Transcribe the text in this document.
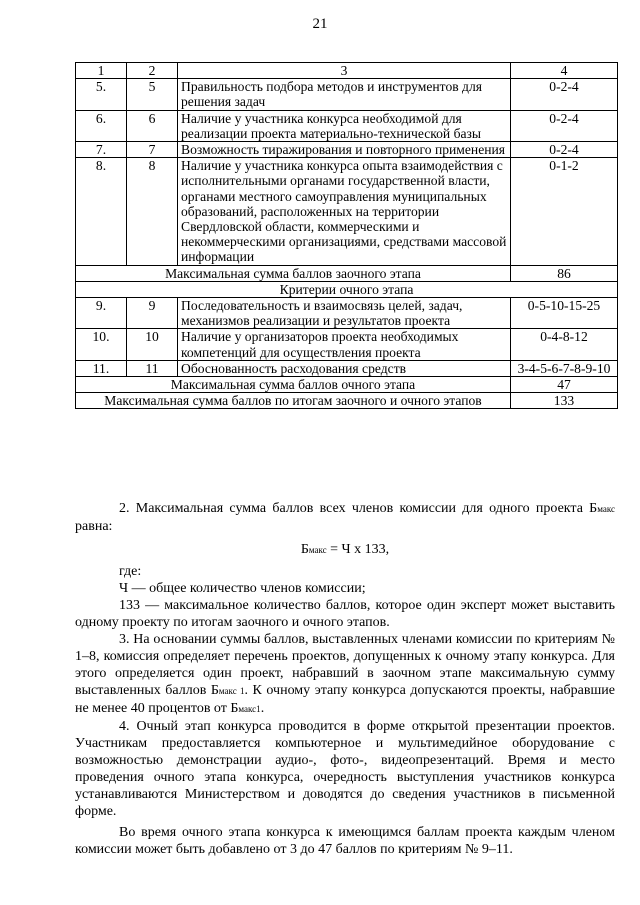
21
1	2	3	4
5.	5	Правильность подбора методов и инструментов для решения задач	0-2-4
6.	6	Наличие у участника конкурса необходимой для реализации проекта материально-технической базы	0-2-4
7.	7	Возможность тиражирования и повторного применения	0-2-4
8.	8	Наличие у участника конкурса опыта взаимодействия с исполнительными органами государственной власти, органами местного самоуправления муниципальных образований, расположенных на территории Свердловской области, коммерческими и некоммерческими организациями, средствами массовой информации	0-1-2
Максимальная сумма баллов заочного этапа			86
Критерии очного этапа			
9.	9	Последовательность и взаимосвязь целей, задач, механизмов реализации и результатов проекта	0-5-10-15-25
10.	10	Наличие у организаторов проекта необходимых компетенций для осуществления проекта	0-4-8-12
11.	11	Обоснованность расходования средств	3-4-5-6-7-8-9-10
Максимальная сумма баллов очного этапа			47
Максимальная сумма баллов по итогам заочного и очного этапов			133

2. Максимальная сумма баллов всех членов комиссии для одного проекта Бмакс равна:

Бмакс = Ч х 133,

где:

Ч — общее количество членов комиссии;

133 — максимальное количество баллов, которое один эксперт может выставить одному проекту по итогам заочного и очного этапов.

3. На основании суммы баллов, выставленных членами комиссии по критериям № 1–8, комиссия определяет перечень проектов, допущенных к очному этапу конкурса. Для этого определяется один проект, набравший в заочном этапе максимальную сумму выставленных баллов Бмакс 1. К очному этапу конкурса допускаются проекты, набравшие не менее 40 процентов от Бмакс1.

4. Очный этап конкурса проводится в форме открытой презентации проектов. Участникам предоставляется компьютерное и мультимедийное оборудование с возможностью демонстрации аудио-, фото-, видеопрезентаций. Время и место проведения очного этапа конкурса, очередность выступления участников конкурса устанавливаются Министерством и доводятся до сведения участников в письменной форме.

Во время очного этапа конкурса к имеющимся баллам проекта каждым членом комиссии может быть добавлено от 3 до 47 баллов по критериям № 9–11.
